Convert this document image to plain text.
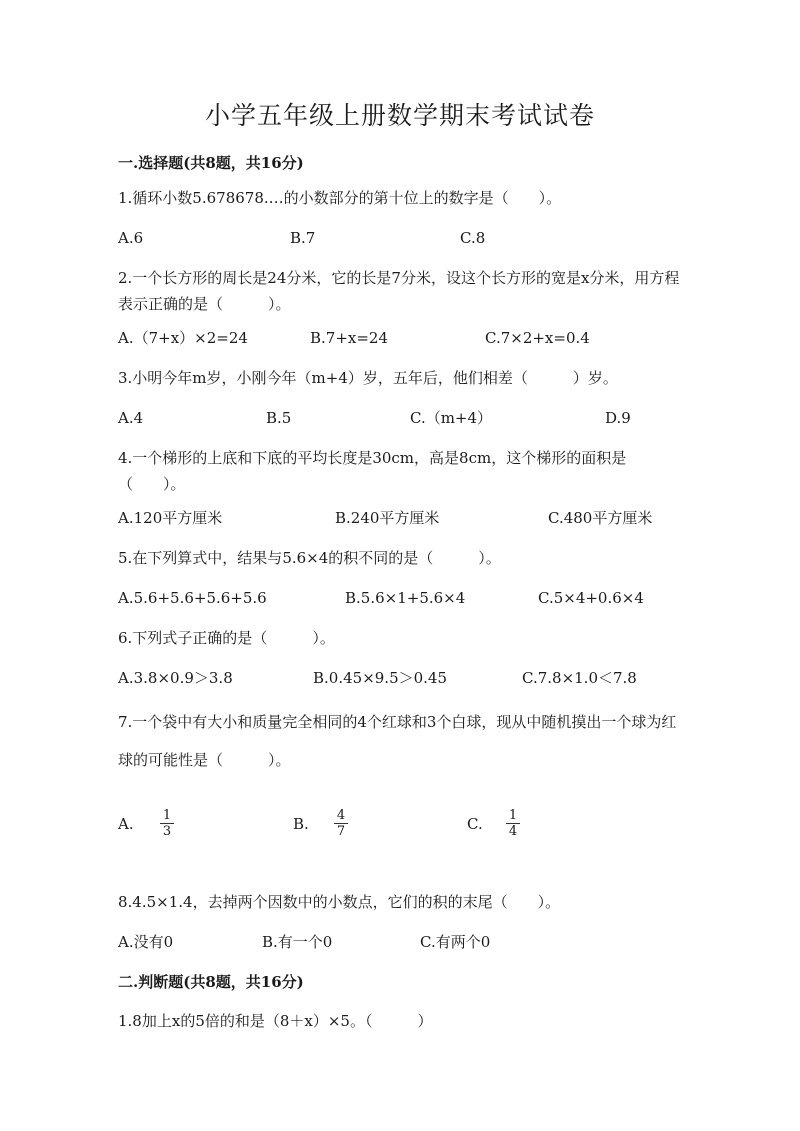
小学五年级上册数学期末考试试卷
一.选择题(共8题，共16分)
1.循环小数5.678678.…的小数部分的第十位上的数字是（　　）。
A.6	B.7	C.8
2.一个长方形的周长是24分米，它的长是7分米，设这个长方形的宽是x分米，用方程表示正确的是（　　　）。
A.（7+x）×2=24	B.7+x=24	C.7×2+x=0.4
3.小明今年m岁，小刚今年（m+4）岁，五年后，他们相差（　　　）岁。
A.4	B.5	C.（m+4）	D.9
4.一个梯形的上底和下底的平均长度是30cm，高是8cm，这个梯形的面积是（　　）。
A.120平方厘米	B.240平方厘米	C.480平方厘米
5.在下列算式中，结果与5.6×4的积不同的是（　　　）。
A.5.6+5.6+5.6+5.6	B.5.6×1+5.6×4	C.5×4+0.6×4
6.下列式子正确的是（　　　）。
A.3.8×0.9＞3.8	B.0.45×9.5＞0.45	C.7.8×1.0＜7.8
7.一个袋中有大小和质量完全相同的4个红球和3个白球，现从中随机摸出一个球为红球的可能性是（　　　）。
A. $\frac{1}{3}$	B. $\frac{4}{7}$	C. $\frac{1}{4}$
8.4.5×1.4，去掉两个因数中的小数点，它们的积的末尾（　　）。
A.没有0	B.有一个0	C.有两个0
二.判断题(共8题，共16分)
1.8加上x的5倍的和是（8＋x）×5。（　　　）
